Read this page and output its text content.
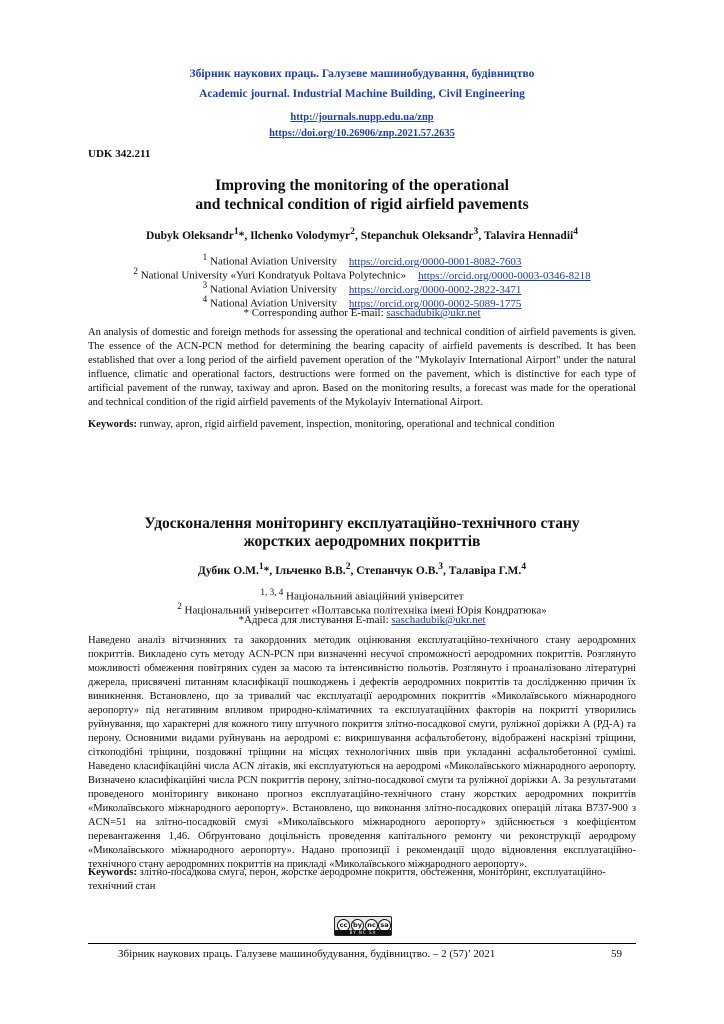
Збірник наукових праць. Галузеве машинобудування, будівництво
Academic journal. Industrial Machine Building, Civil Engineering
http://journals.nupp.edu.ua/znp
https://doi.org/10.26906/znp.2021.57.2635
UDK 342.211
Improving the monitoring of the operational
and technical condition of rigid airfield pavements
Dubyk Oleksandr$^1$*, Ilchenko Volodymyr$^2$, Stepanchuk Oleksandr$^3$, Talavira Hennadii$^4$
$^1$ National Aviation University https://orcid.org/0000-0001-8082-7603
$^2$ National University «Yuri Kondratyuk Poltava Polytechnic» https://orcid.org/0000-0003-0346-8218
$^3$ National Aviation University https://orcid.org/0000-0002-2822-3471
$^4$ National Aviation University https://orcid.org/0000-0002-5089-1775
* Corresponding author E-mail: saschadubik@ukr.net
An analysis of domestic and foreign methods for assessing the operational and technical condition of airfield pavements is given. The essence of the ACN-PCN method for determining the bearing capacity of airfield pavements is described. It has been established that over a long period of the airfield pavement operation of the "Mykolayiv International Airport" under the natural influence, climatic and operational factors, destructions were formed on the pavement, which is distinctive for each type of artificial pavement of the runway, taxiway and apron. Based on the monitoring results, a forecast was made for the operational and technical condition of the rigid airfield pavements of the Mykolayiv International Airport.
Keywords: runway, apron, rigid airfield pavement, inspection, monitoring, operational and technical condition
Удосконалення моніторингу експлуатаційно-технічного стану
жорстких аеродромних покриттів
Дубик О.М.$^1$*, Ільченко В.В.$^2$, Степанчук О.В.$^3$, Талавіра Г.М.$^4$
$^{1, 3, 4}$ Національний авіаційний університет
$^2$ Національний університет «Полтавська політехніка імені Юрія Кондратюка»
*Адреса для листування E-mail: saschadubik@ukr.net
Наведено аналіз вітчизняних та закордонних методик оцінювання експлуатаційно-технічного стану аеродромних покриттів. Викладено суть методу ACN-PCN при визначенні несучої спроможності аеродромних покриттів. Розглянуто можливості обмеження повітряних суден за масою та інтенсивністю польотів. Розглянуто і проаналізовано літературні джерела, присвячені питанням класифікації пошкоджень і дефектів аеродромних покриттів та дослідженню причин їх виникнення. Встановлено, що за тривалий час експлуатації аеродромних покриттів «Миколаївського міжнародного аеропорту» під негативним впливом природно-кліматичних та експлуатаційних факторів на покритті утворились руйнування, що характерні для кожного типу штучного покриття злітно-посадкової смуги, руліжної доріжки А (РД-А) та перону. Основними видами руйнувань на аеродромі є: викришування асфальтобетону, відображені наскрізні тріщини, сіткоподібні тріщини, поздовжні тріщини на місцях технологічних швів при укладанні асфальтобетонної суміші. Наведено класифікаційні числа ACN літаків, які експлуатуються на аеродромі «Миколаївського міжнародного аеропорту. Визначено класифікаційні числа PCN покриттів перону, злітно-посадкової смуги та руліжної доріжки А. За результатами проведеного моніторингу виконано прогноз експлуатаційно-технічного стану жорстких аеродромних покриттів «Миколаївського міжнародного аеропорту». Встановлено, що виконання злітно-посадкових операцій літака B737-900 з ACN=51 на злітно-посадковій смузі «Миколаївського міжнародного аеропорту» здійснюється з коефіцієнтом перевантаження 1,46. Обґрунтовано доцільність проведення капітального ремонту чи реконструкції аеродрому «Миколаївського міжнародного аеропорту». Надано пропозиції і рекомендації щодо відновлення експлуатаційно-технічного стану аеродромних покриттів на прикладі «Миколаївського міжнародного аеропорту».
Keywords: злітно-посадкова смуга, перон, жорстке аеродромне покриття, обстеження, моніторинг, експлуатаційно-технічний стан
cc by nc sa
BY NC SA
Збірник наукових праць. Галузеве машинобудування, будівництво. – 2 (57)’ 2021	59
